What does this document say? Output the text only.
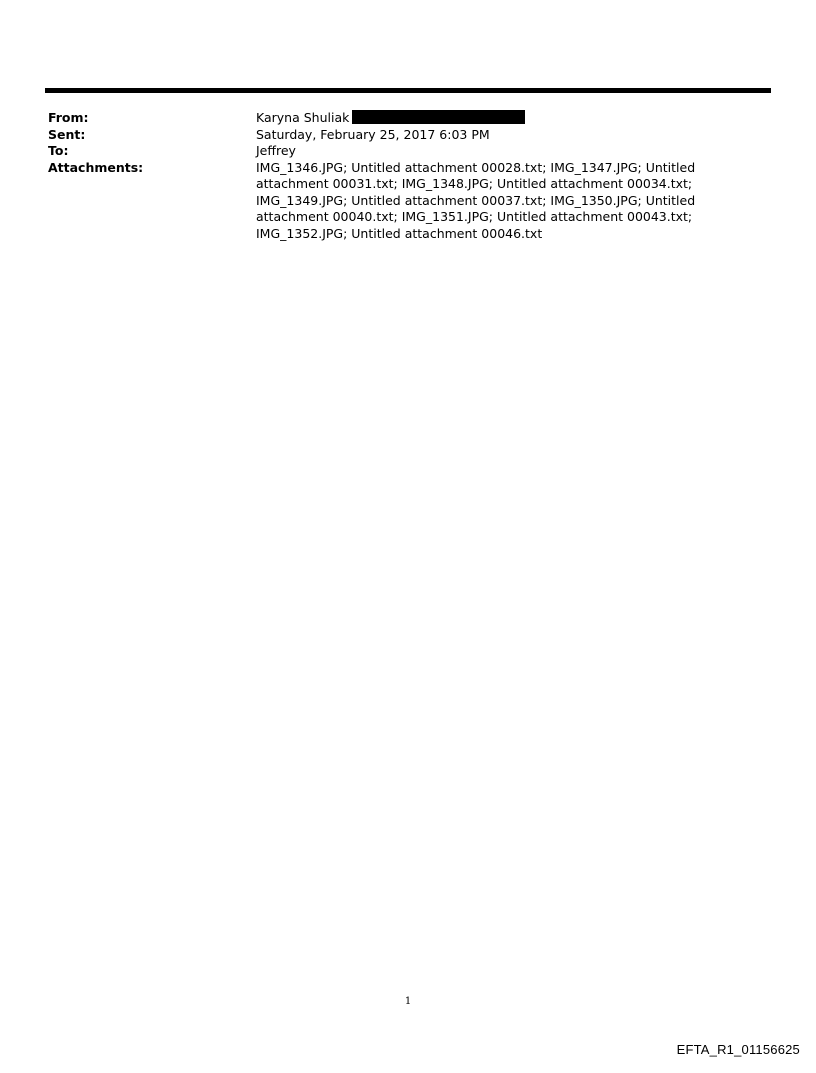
From:	Karyna Shuliak
Sent:	Saturday, February 25, 2017 6:03 PM
To:	Jeffrey
Attachments:	IMG_1346.JPG; Untitled attachment 00028.txt; IMG_1347.JPG; Untitled attachment 00031.txt; IMG_1348.JPG; Untitled attachment 00034.txt; IMG_1349.JPG; Untitled attachment 00037.txt; IMG_1350.JPG; Untitled attachment 00040.txt; IMG_1351.JPG; Untitled attachment 00043.txt; IMG_1352.JPG; Untitled attachment 00046.txt
1
EFTA_R1_01156625
